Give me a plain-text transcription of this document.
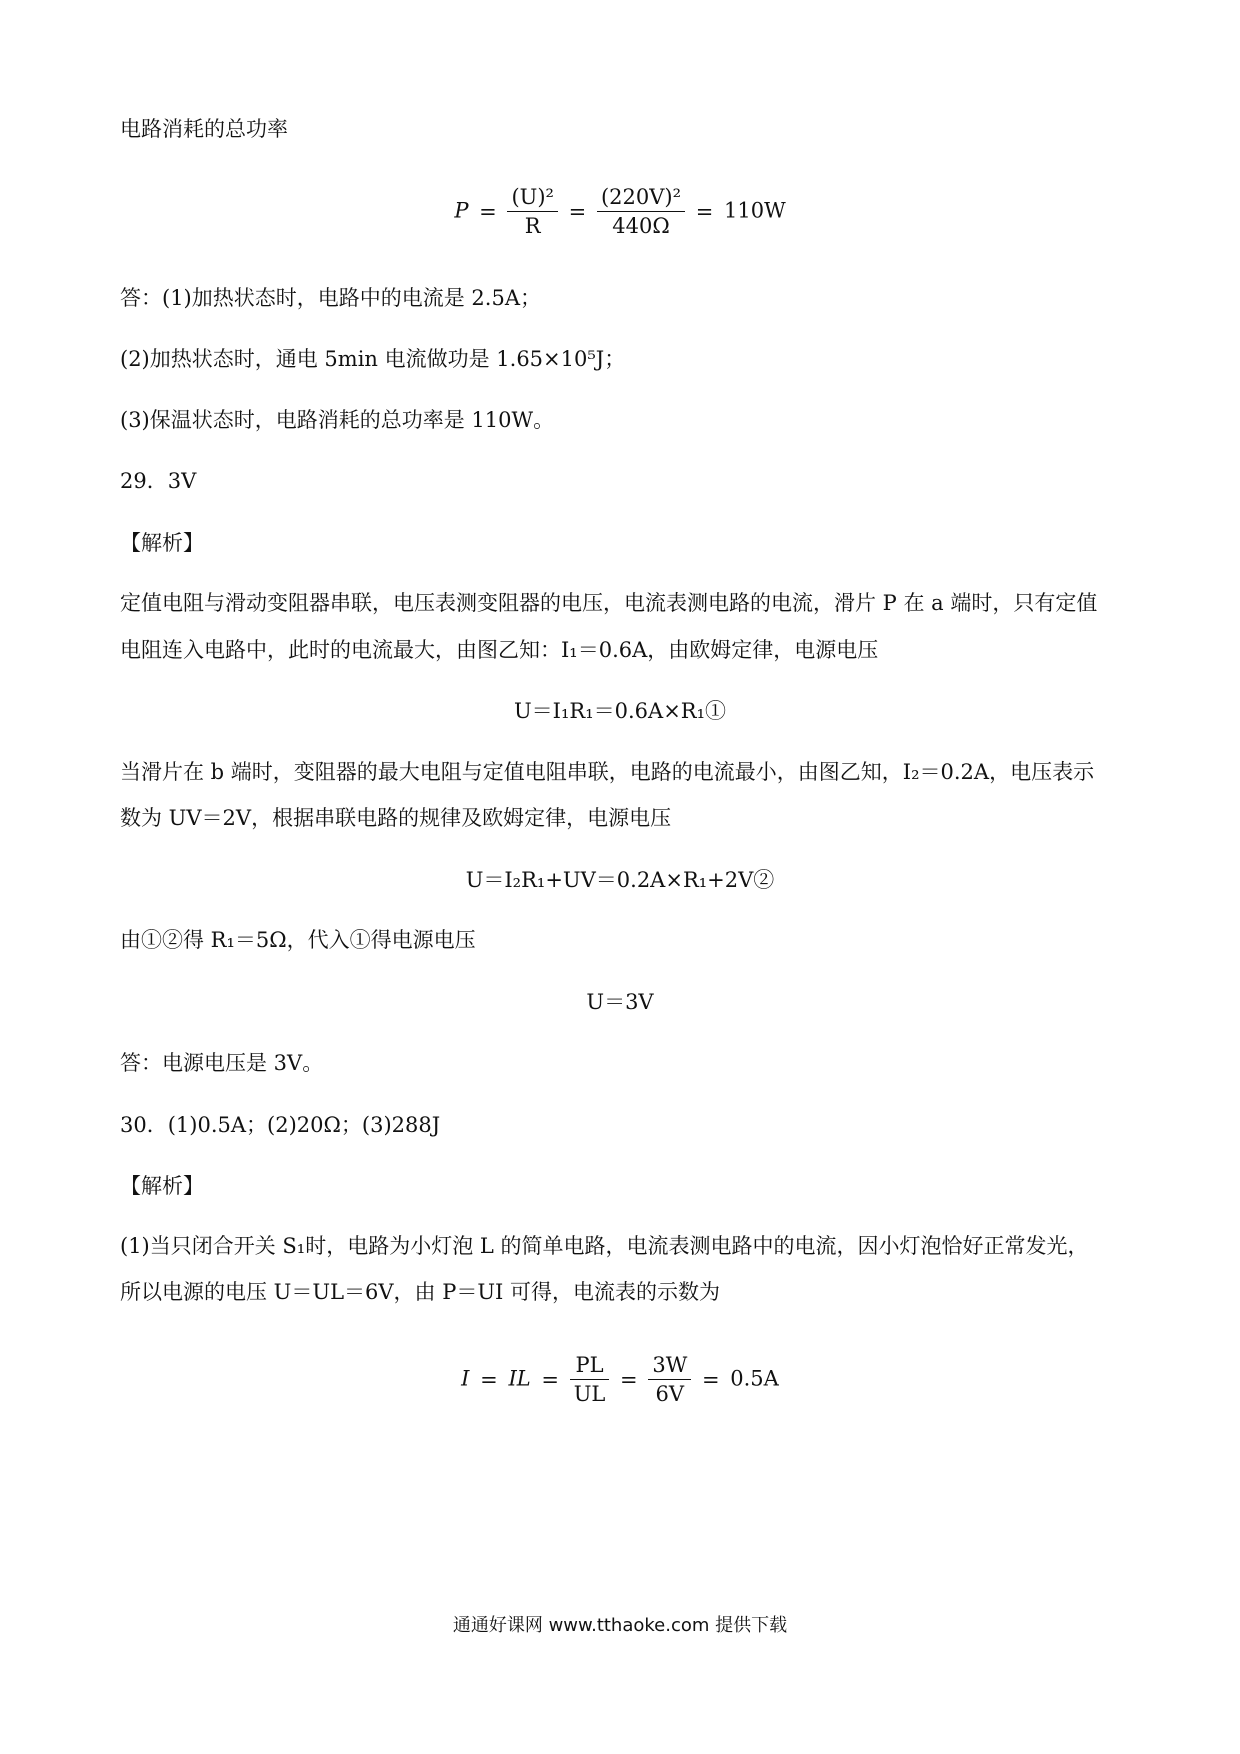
电路消耗的总功率
$P = \frac{\text{(U)²}}{R} = \frac{\text{(220V)²}}{440\Omega} = 110W$
答：(1)加热状态时，电路中的电流是 2.5A；
(2)加热状态时，通电 5min 电流做功是 1.65×10⁵J；
(3)保温状态时，电路消耗的总功率是 110W。
29．3V
【解析】
定值电阻与滑动变阻器串联，电压表测变阻器的电压，电流表测电路的电流，滑片 P 在 a 端时，只有定值
电阻连入电路中，此时的电流最大，由图乙知：I₁＝0.6A，由欧姆定律，电源电压
U＝I₁R₁＝0.6A×R₁①
当滑片在 b 端时，变阻器的最大电阻与定值电阻串联，电路的电流最小，由图乙知，I₂＝0.2A，电压表示
数为 UV＝2V，根据串联电路的规律及欧姆定律，电源电压
U＝I₂R₁+UV＝0.2A×R₁+2V②
由①②得 R₁＝5Ω，代入①得电源电压
U＝3V
答：电源电压是 3V。
30．(1)0.5A；(2)20Ω；(3)288J
【解析】
(1)当只闭合开关 S₁时，电路为小灯泡 L 的简单电路，电流表测电路中的电流，因小灯泡恰好正常发光，
所以电源的电压 U＝UL＝6V，由 P＝UI 可得，电流表的示数为
I = IL = $\frac{PL}{UL} = \frac{3W}{6V} = 0.5A$
通通好课网 www.tthaoke.com 提供下载
